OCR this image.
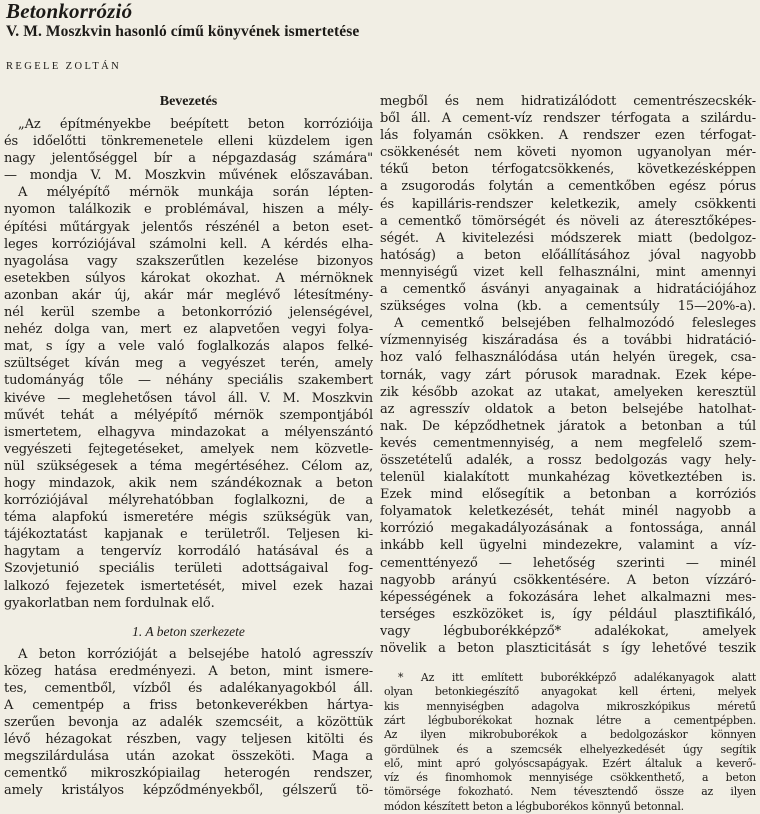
Betonkorrózió
V. M. Moszkvin hasonló című könyvének ismertetése
REGELE ZOLTÁN
Bevezetés
„Az építményekbe beépített beton korrózióija
és időelőtti tönkremenetele elleni küzdelem igen
nagy jelentőséggel bír a népgazdaság számára"
— mondja V. M. Moszkvin művének előszavában.
A mélyépítő mérnök munkája során lépten-
nyomon találkozik e problémával, hiszen a mély-
építési műtárgyak jelentős részénél a beton eset-
leges korróziójával számolni kell. A kérdés elha-
nyagolása vagy szakszerűtlen kezelése bizonyos
esetekben súlyos károkat okozhat. A mérnöknek
azonban akár új, akár már meglévő létesítmény-
nél kerül szembe a betonkorrózió jelenségével,
nehéz dolga van, mert ez alapvetően vegyi folya-
mat, s így a vele való foglalkozás alapos felké-
szültséget kíván meg a vegyészet terén, amely
tudományág tőle — néhány speciális szakembert
kivéve — meglehetősen távol áll. V. M. Moszkvin
művét tehát a mélyépítő mérnök szempontjából
ismertetem, elhagyva mindazokat a mélyenszántó
vegyészeti fejtegetéseket, amelyek nem közvetle-
nül szükségesek a téma megértéséhez. Célom az,
hogy mindazok, akik nem szándékoznak a beton
korróziójával mélyrehatóbban foglalkozni, de a
téma alapfokú ismeretére mégis szükségük van,
tájékoztatást kapjanak e területről. Teljesen ki-
hagytam a tengervíz korrodáló hatásával és a
Szovjetunió speciális területi adottságaival fog-
lalkozó fejezetek ismertetését, mivel ezek hazai
gyakorlatban nem fordulnak elő.
1. A beton szerkezete
A beton korrózióját a belsejébe hatoló agresszív
közeg hatása eredményezi. A beton, mint ismere-
tes, cementből, vízből és adalékanyagokból áll.
A cementpép a friss betonkeverékben hártya-
szerűen bevonja az adalék szemcséit, a közöttük
lévő hézagokat részben, vagy teljesen kitölti és
megszilárdulása után azokat összeköti. Maga a
cementkő mikroszkópiailag heterogén rendszer,
amely kristályos képződményekből, gélszerű tö-
megből és nem hidratizálódott cementrészecskék-
ből áll. A cement-víz rendszer térfogata a szilárdu-
lás folyamán csökken. A rendszer ezen térfogat-
csökkenését nem követi nyomon ugyanolyan mér-
tékű beton térfogatcsökkenés, következésképpen
a zsugorodás folytán a cementkőben egész pórus
és kapilláris-rendszer keletkezik, amely csökkenti
a cementkő tömörségét és növeli az áteresztőképes-
ségét. A kivitelezési módszerek miatt (bedolgoz-
hatóság) a beton előállításához jóval nagyobb
mennyiségű vizet kell felhasználni, mint amennyi
a cementkő ásványi anyagainak a hidratációjához
szükséges volna (kb. a cementsúly 15—20%-a).
A cementkő belsejében felhalmozódó felesleges
vízmennyiség kiszáradása és a további hidratáció-
hoz való felhasználódása után helyén üregek, csa-
tornák, vagy zárt pórusok maradnak. Ezek képe-
zik később azokat az utakat, amelyeken keresztül
az agresszív oldatok a beton belsejébe hatolhat-
nak. De képződhetnek járatok a betonban a túl
kevés cementmennyiség, a nem megfelelő szem-
összetételű adalék, a rossz bedolgozás vagy hely-
telenül kialakított munkahézag következtében is.
Ezek mind elősegítik a betonban a korróziós
folyamatok keletkezését, tehát minél nagyobb a
korrózió megakadályozásának a fontossága, annál
inkább kell ügyelni mindezekre, valamint a víz-
cementtényező — lehetőség szerinti — minél
nagyobb arányú csökkentésére. A beton vízzáró-
képességének a fokozására lehet alkalmazni mes-
terséges eszközöket is, így például plasztifikáló,
vagy légbuborékképző* adalékokat, amelyek
növelik a beton plaszticitását s így lehetővé teszik
* Az itt említett buborékképző adalékanyagok alatt
olyan betonkiegészítő anyagokat kell érteni, melyek
kis mennyiségben adagolva mikroszkópikus méretű
zárt légbuborékokat hoznak létre a cementpépben.
Az ilyen mikrobuborékok a bedolgozáskor könnyen
gördülnek és a szemcsék elhelyezkedését úgy segítik
elő, mint apró golyóscsapágyak. Ezért általuk a keverő-
víz és finomhomok mennyisége csökkenthető, a beton
tömörsége fokozható. Nem tévesztendő össze az ilyen
módon készített beton a légbuborékos könnyű betonnal.
